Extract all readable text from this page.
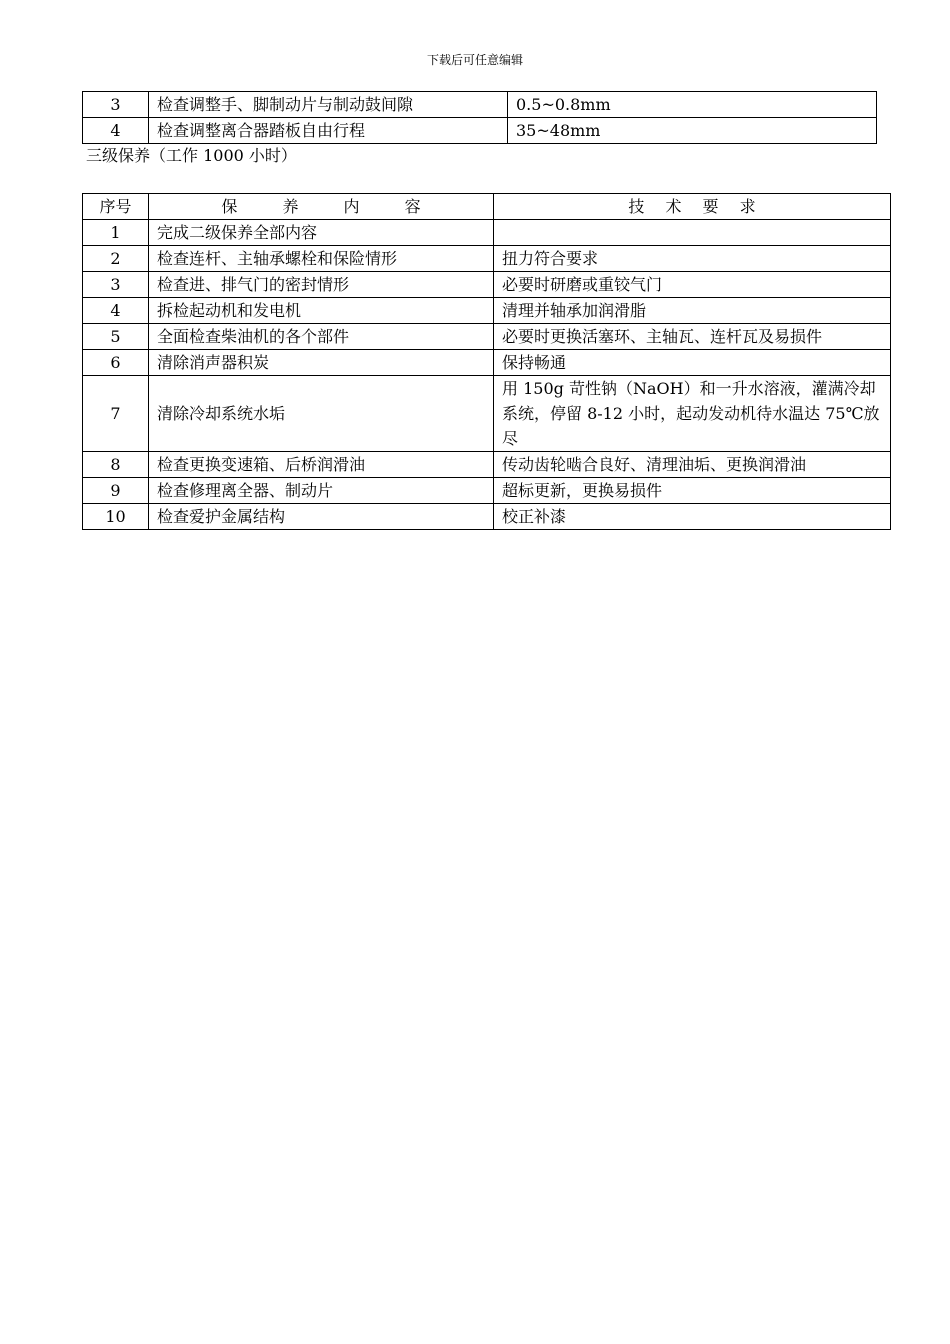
下载后可任意编辑
3	检查调整手、脚制动片与制动鼓间隙	0.5~0.8mm
4	检查调整离合器踏板自由行程	35~48mm
三级保养（工作 1000 小时）
序号	保 养 内 容	技 术 要 求
1	完成二级保养全部内容	
2	检查连杆、主轴承螺栓和保险情形	扭力符合要求
3	检查进、排气门的密封情形	必要时研磨或重铰气门
4	拆检起动机和发电机	清理并轴承加润滑脂
5	全面检查柴油机的各个部件	必要时更换活塞环、主轴瓦、连杆瓦及易损件
6	清除消声器积炭	保持畅通
7	清除冷却系统水垢	用 150g 苛性钠（NaOH）和一升水溶液，灌满冷却系统，停留 8-12 小时，起动发动机待水温达 75℃放尽
8	检查更换变速箱、后桥润滑油	传动齿轮啮合良好、清理油垢、更换润滑油
9	检查修理离全器、制动片	超标更新，更换易损件
10	检查爱护金属结构	校正补漆
